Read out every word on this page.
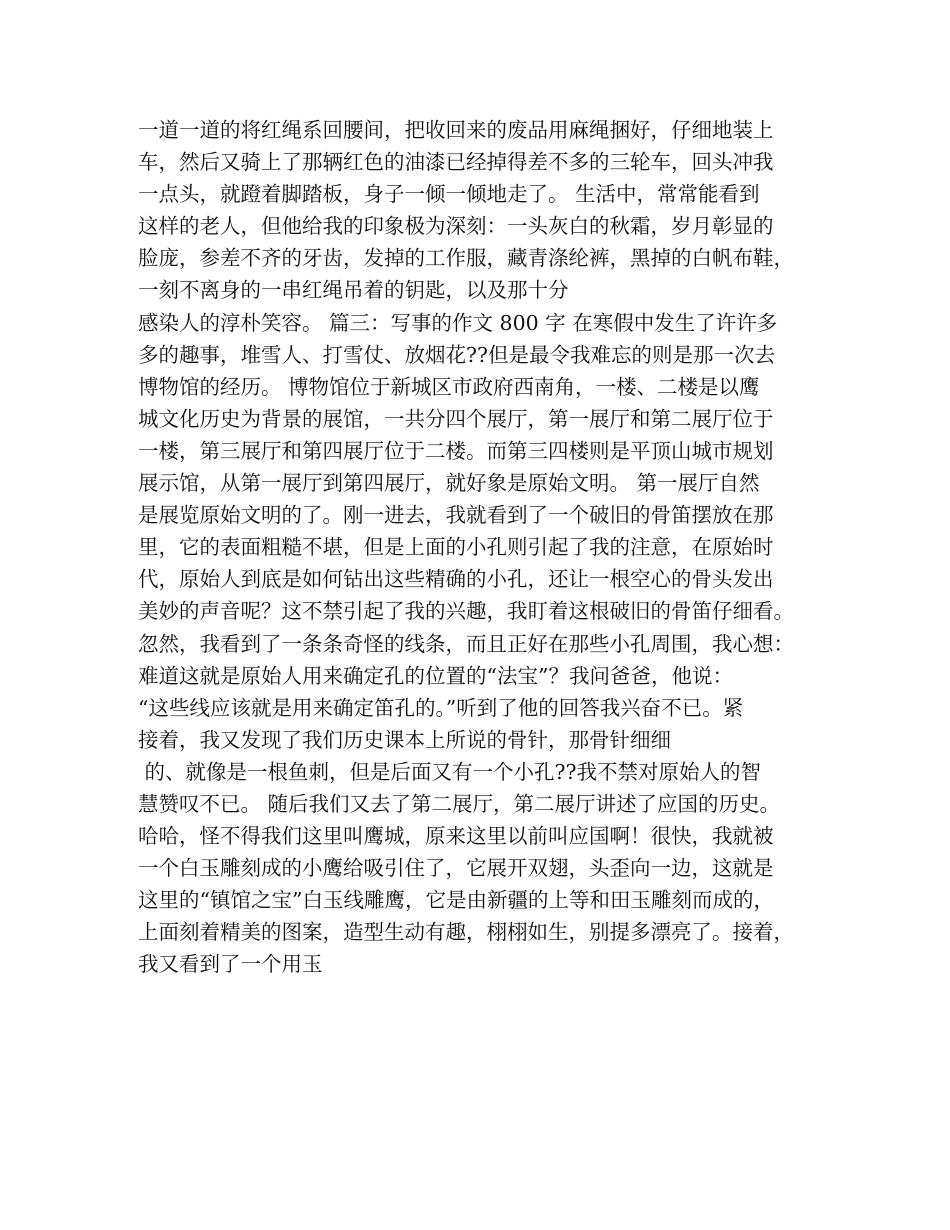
一道一道的将红绳系回腰间，把收回来的废品用麻绳捆好，仔细地装上
车，然后又骑上了那辆红色的油漆已经掉得差不多的三轮车，回头冲我
一点头，就蹬着脚踏板，身子一倾一倾地走了。 生活中，常常能看到
这样的老人，但他给我的印象极为深刻：一头灰白的秋霜，岁月彰显的
脸庞，参差不齐的牙齿，发掉的工作服，藏青涤纶裤，黑掉的白帆布鞋，
一刻不离身的一串红绳吊着的钥匙，以及那十分
感染人的淳朴笑容。 篇三：写事的作文 800 字 在寒假中发生了许许多
多的趣事，堆雪人、打雪仗、放烟花??但是最令我难忘的则是那一次去
博物馆的经历。 博物馆位于新城区市政府西南角，一楼、二楼是以鹰
城文化历史为背景的展馆，一共分四个展厅，第一展厅和第二展厅位于
一楼，第三展厅和第四展厅位于二楼。而第三四楼则是平顶山城市规划
展示馆，从第一展厅到第四展厅，就好象是原始文明。 第一展厅自然
是展览原始文明的了。刚一进去，我就看到了一个破旧的骨笛摆放在那
里，它的表面粗糙不堪，但是上面的小孔则引起了我的注意，在原始时
代，原始人到底是如何钻出这些精确的小孔，还让一根空心的骨头发出
美妙的声音呢？这不禁引起了我的兴趣，我盯着这根破旧的骨笛仔细看。
忽然，我看到了一条条奇怪的线条，而且正好在那些小孔周围，我心想：
难道这就是原始人用来确定孔的位置的“法宝”？我问爸爸，他说：
“这些线应该就是用来确定笛孔的。”听到了他的回答我兴奋不已。紧
接着，我又发现了我们历史课本上所说的骨针，那骨针细细
的、就像是一根鱼刺，但是后面又有一个小孔??我不禁对原始人的智
慧赞叹不已。 随后我们又去了第二展厅，第二展厅讲述了应国的历史。
哈哈，怪不得我们这里叫鹰城，原来这里以前叫应国啊！很快，我就被
一个白玉雕刻成的小鹰给吸引住了，它展开双翅，头歪向一边，这就是
这里的“镇馆之宝”白玉线雕鹰，它是由新疆的上等和田玉雕刻而成的，
上面刻着精美的图案，造型生动有趣，栩栩如生，别提多漂亮了。接着，
我又看到了一个用玉
